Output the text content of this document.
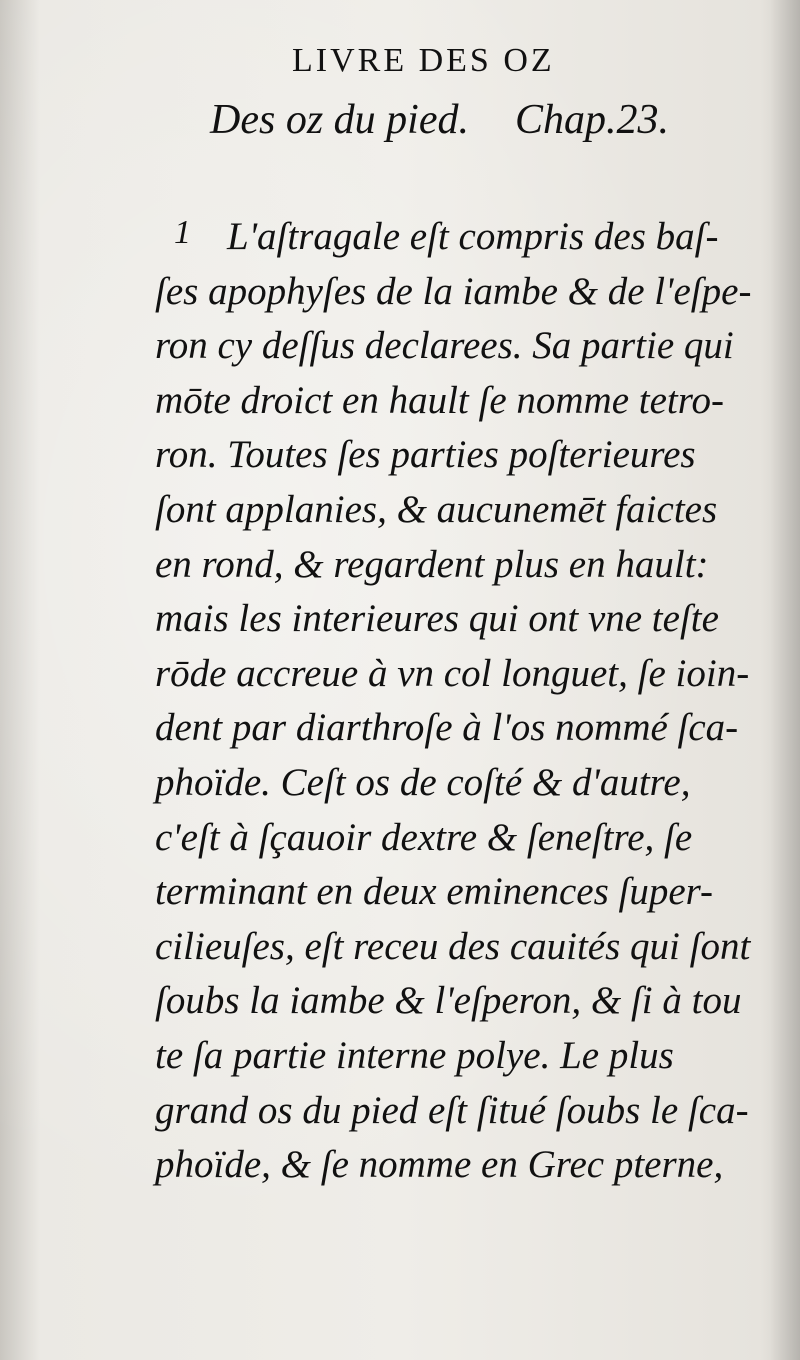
LIVRE DES OZ
Des oz du pied. Chap.23.
1 L'aſtragale eſt compris des baſ-
ſes apophyſes de la iambe & de l'eſpe-
ron cy deſſus declarees. Sa partie qui
mōte droict en hault ſe nomme tetro-
ron. Toutes ſes parties poſterieures
ſont applanies, & aucunemēt faictes
en rond, & regardent plus en hault:
mais les interieures qui ont vne teſte
rōde accreue à vn col longuet, ſe ioin-
dent par diarthroſe à l'os nommé ſca-
phoïde. Ceſt os de coſté & d'autre,
c'eſt à ſçauoir dextre & ſeneſtre, ſe
terminant en deux eminences ſuper-
cilieuſes, eſt receu des cauités qui ſont
ſoubs la iambe & l'eſperon, & ſi à tou
te ſa partie interne polye. Le plus
grand os du pied eſt ſitué ſoubs le ſca-
phoïde, & ſe nomme en Grec pterne,
